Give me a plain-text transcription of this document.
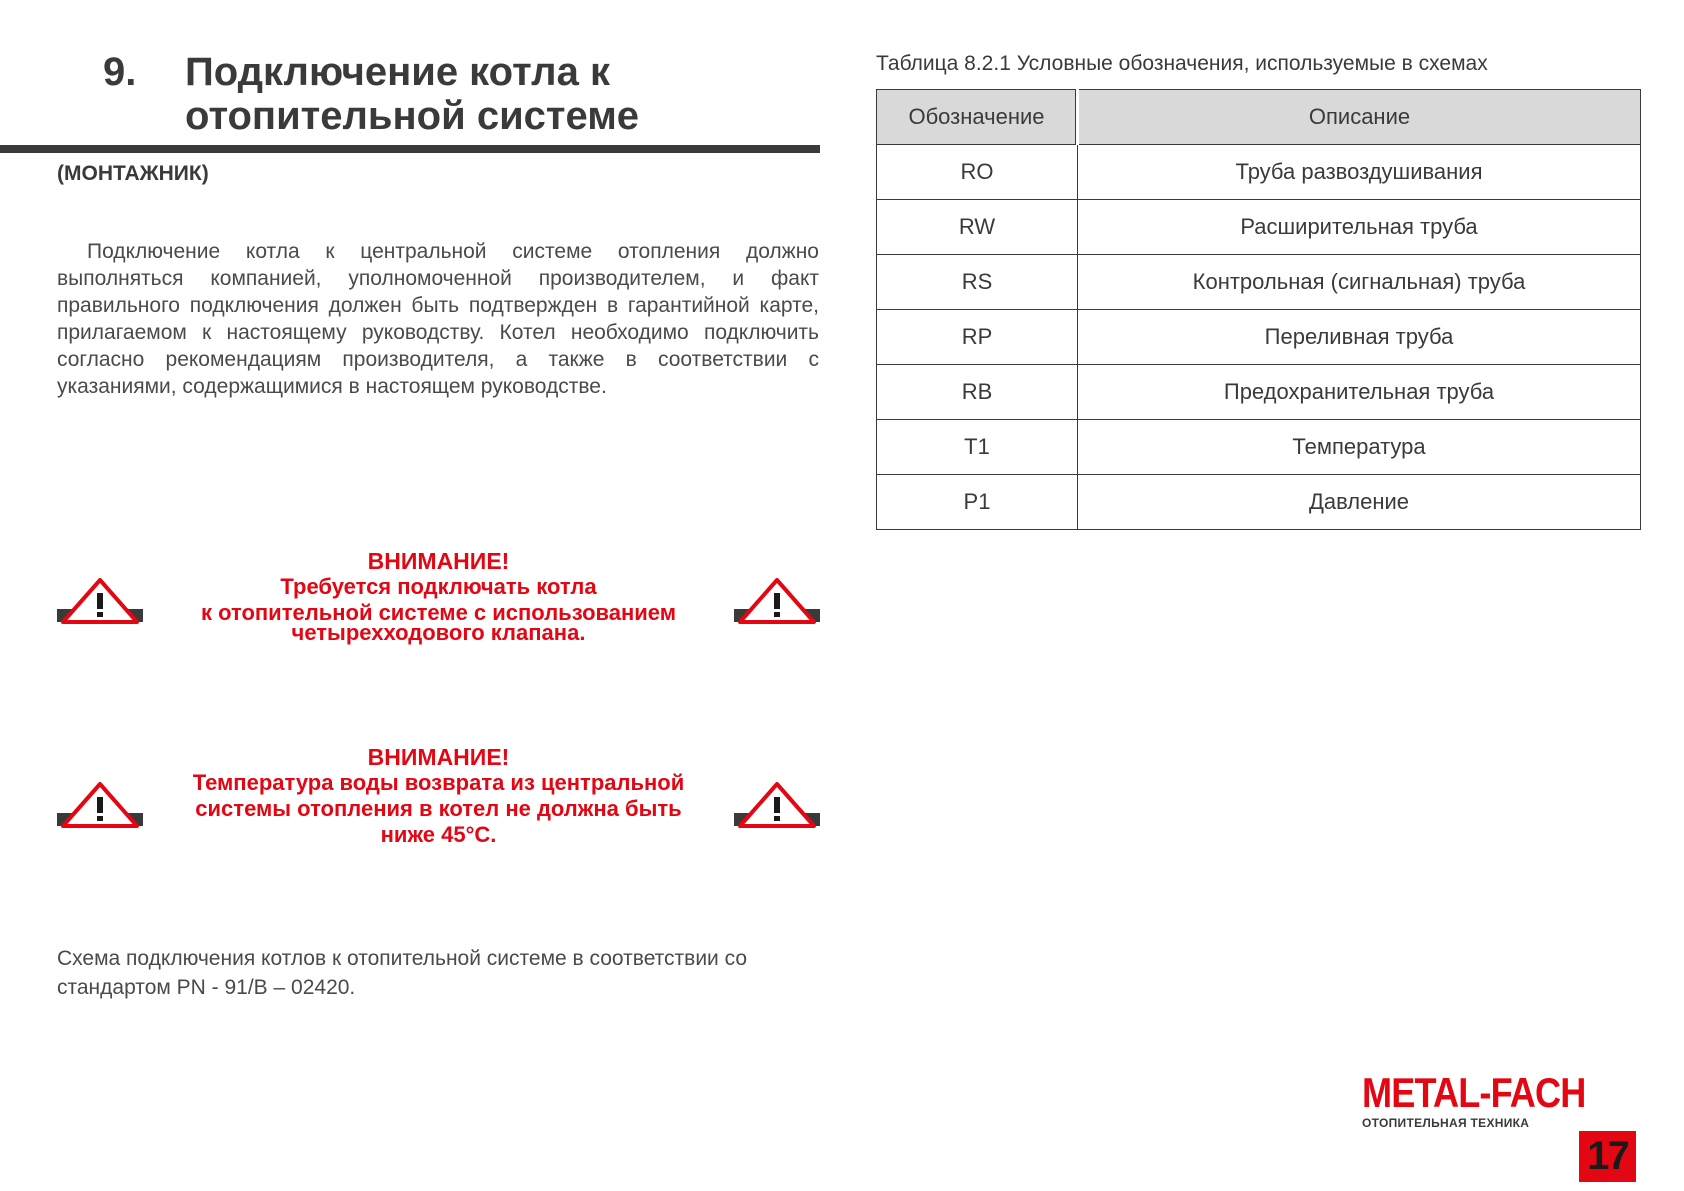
9. Подключение котла к отопительной системе
(МОНТАЖНИК)
Подключение котла к центральной системе отопления должно выполняться компанией, уполномоченной производителем, и факт правильного подключения должен быть подтвержден в гарантийной карте, прилагаемом к настоящему руководству. Котел необходимо подключить согласно рекомендациям производителя, а также в соответствии с указаниями, содержащимися в настоящем руководстве.
ВНИМАНИЕ!
Требуется подключать котла
к отопительной системе с использованием
четырехходового клапана.
ВНИМАНИЕ!
Температура воды возврата из центральной
системы отопления в котел не должна быть
ниже 45°C.
Схема подключения котлов к отопительной системе в соответствии со стандартом PN - 91/B – 02420.
Таблица 8.2.1 Условные обозначения, используемые в схемах
Обозначение	Описание
RO	Труба развоздушивания
RW	Расширительная труба
RS	Контрольная (сигнальная) труба
RP	Переливная труба
RB	Предохранительная труба
T1	Температура
P1	Давление
METAL-FACH
ОТОПИТЕЛЬНАЯ ТЕХНИКА
17
